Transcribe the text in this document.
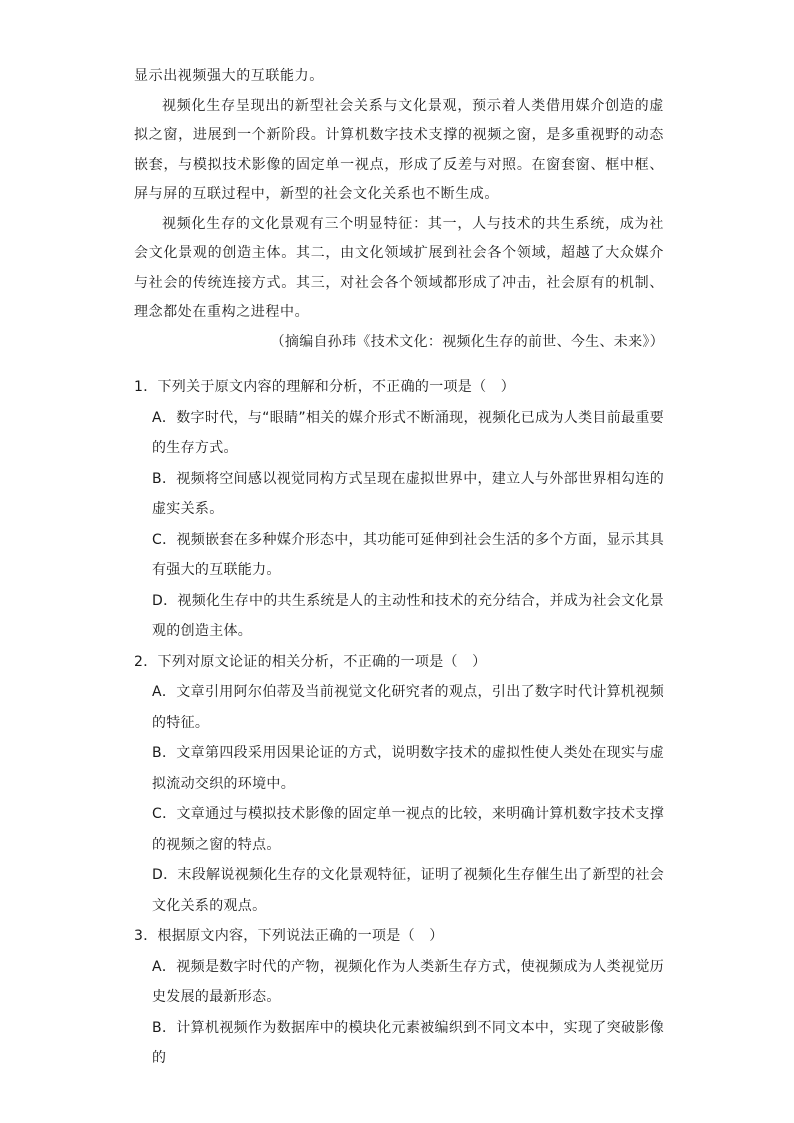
显示出视频强大的互联能力。

视频化生存呈现出的新型社会关系与文化景观，预示着人类借用媒介创造的虚拟之窗，进展到一个新阶段。计算机数字技术支撑的视频之窗，是多重视野的动态嵌套，与模拟技术影像的固定单一视点，形成了反差与对照。在窗套窗、框中框、屏与屏的互联过程中，新型的社会文化关系也不断生成。

视频化生存的文化景观有三个明显特征：其一，人与技术的共生系统，成为社会文化景观的创造主体。其二，由文化领域扩展到社会各个领域，超越了大众媒介与社会的传统连接方式。其三，对社会各个领域都形成了冲击，社会原有的机制、理念都处在重构之进程中。

（摘编自孙玮《技术文化：视频化生存的前世、今生、未来》）

1．下列关于原文内容的理解和分析，不正确的一项是（　）

A．数字时代，与“眼睛”相关的媒介形式不断涌现，视频化已成为人类目前最重要的生存方式。

B．视频将空间感以视觉同构方式呈现在虚拟世界中，建立人与外部世界相勾连的虚实关系。

C．视频嵌套在多种媒介形态中，其功能可延伸到社会生活的多个方面，显示其具有强大的互联能力。

D．视频化生存中的共生系统是人的主动性和技术的充分结合，并成为社会文化景观的创造主体。

2．下列对原文论证的相关分析，不正确的一项是（　）

A．文章引用阿尔伯蒂及当前视觉文化研究者的观点，引出了数字时代计算机视频的特征。

B．文章第四段采用因果论证的方式，说明数字技术的虚拟性使人类处在现实与虚拟流动交织的环境中。

C．文章通过与模拟技术影像的固定单一视点的比较，来明确计算机数字技术支撑的视频之窗的特点。

D．末段解说视频化生存的文化景观特征，证明了视频化生存催生出了新型的社会文化关系的观点。

3．根据原文内容，下列说法正确的一项是（　）

A．视频是数字时代的产物，视频化作为人类新生存方式，使视频成为人类视觉历史发展的最新形态。

B．计算机视频作为数据库中的模块化元素被编织到不同文本中，实现了突破影像的
